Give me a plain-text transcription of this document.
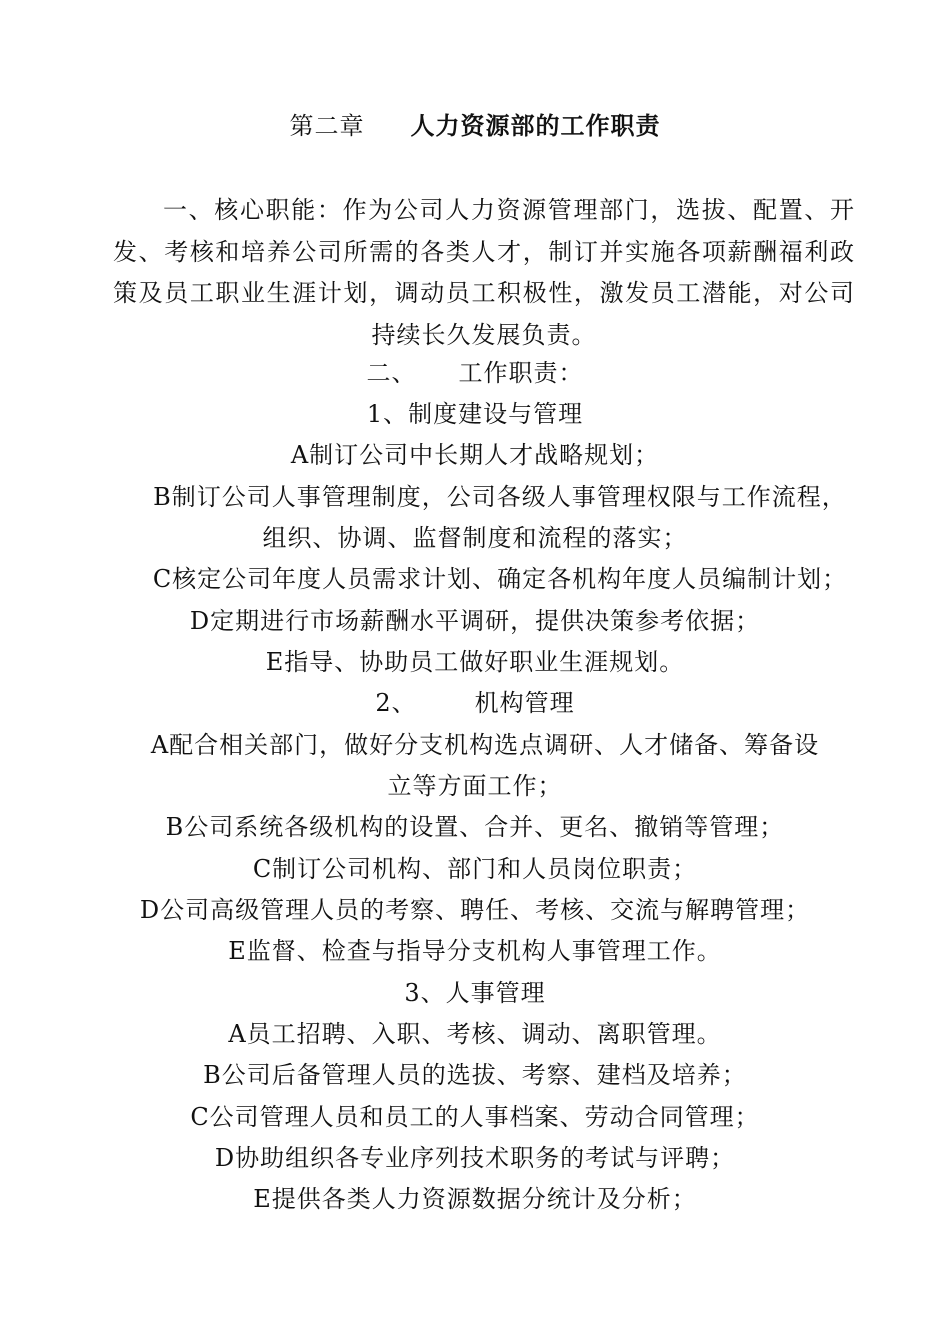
第二章 人力资源部的工作职责
一、核心职能：作为公司人力资源管理部门，选拔、配置、开发、考核和培养公司所需的各类人才，制订并实施各项薪酬福利政策及员工职业生涯计划，调动员工积极性，激发员工潜能，对公司持续长久发展负责。
二、 工作职责：
1、制度建设与管理
A制订公司中长期人才战略规划；
B制订公司人事管理制度，公司各级人事管理权限与工作流程，
组织、协调、监督制度和流程的落实；
C核定公司年度人员需求计划、确定各机构年度人员编制计划；
D定期进行市场薪酬水平调研，提供决策参考依据；
E指导、协助员工做好职业生涯规划。
2、 机构管理
A配合相关部门，做好分支机构选点调研、人才储备、筹备设
立等方面工作；
B公司系统各级机构的设置、合并、更名、撤销等管理；
C制订公司机构、部门和人员岗位职责；
D公司高级管理人员的考察、聘任、考核、交流与解聘管理；
E监督、检查与指导分支机构人事管理工作。
3、人事管理
A员工招聘、入职、考核、调动、离职管理。
B公司后备管理人员的选拔、考察、建档及培养；
C公司管理人员和员工的人事档案、劳动合同管理；
D协助组织各专业序列技术职务的考试与评聘；
E提供各类人力资源数据分统计及分析；
